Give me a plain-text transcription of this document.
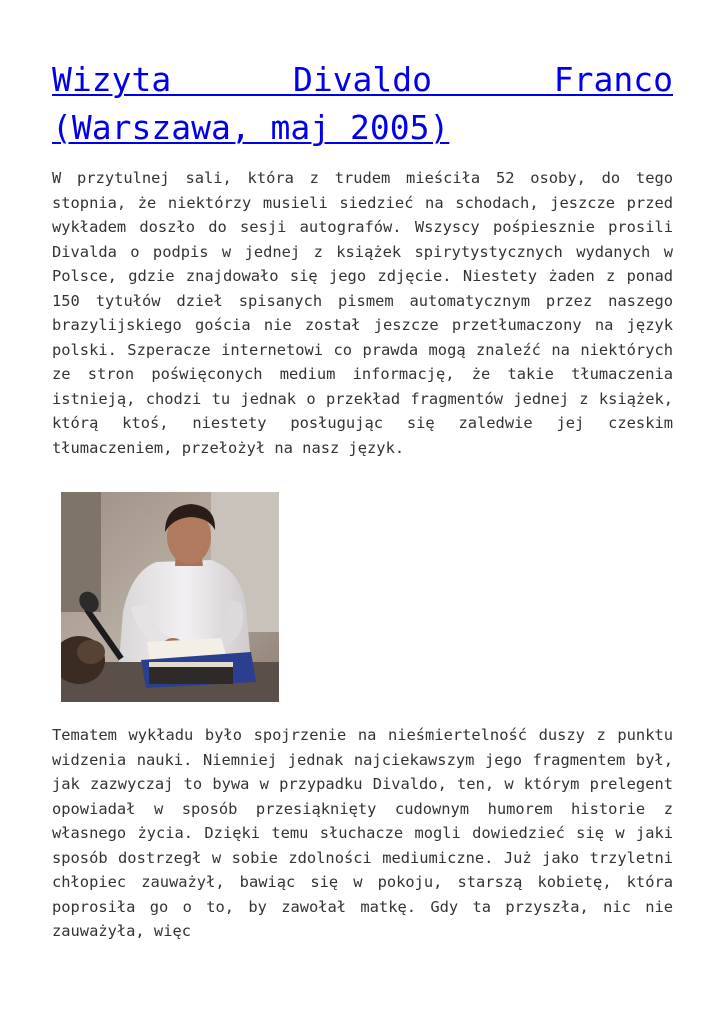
Wizyta Divaldo Franco (Warszawa, maj 2005)

W przytulnej sali, która z trudem mieściła 52 osoby, do tego stopnia, że niektórzy musieli siedzieć na schodach, jeszcze przed wykładem doszło do sesji autografów. Wszyscy pośpiesznie prosili Divalda o podpis w jednej z książek spirytystycznych wydanych w Polsce, gdzie znajdowało się jego zdjęcie. Niestety żaden z ponad 150 tytułów dzieł spisanych pismem automatycznym przez naszego brazylijskiego gościa nie został jeszcze przetłumaczony na język polski. Szperacze internetowi co prawda mogą znaleźć na niektórych ze stron poświęconych medium informację, że takie tłumaczenia istnieją, chodzi tu jednak o przekład fragmentów jednej z książek, którą ktoś, niestety posługując się zaledwie jej czeskim tłumaczeniem, przełożył na nasz język.

Tematem wykładu było spojrzenie na nieśmiertelność duszy z punktu widzenia nauki. Niemniej jednak najciekawszym jego fragmentem był, jak zazwyczaj to bywa w przypadku Divaldo, ten, w którym prelegent opowiadał w sposób przesiąknięty cudownym humorem historie z własnego życia. Dzięki temu słuchacze mogli dowiedzieć się w jaki sposób dostrzegł w sobie zdolności mediumiczne. Już jako trzyletni chłopiec zauważył, bawiąc się w pokoju, starszą kobietę, która poprosiła go o to, by zawołał matkę. Gdy ta przyszła, nic nie zauważyła, więc
